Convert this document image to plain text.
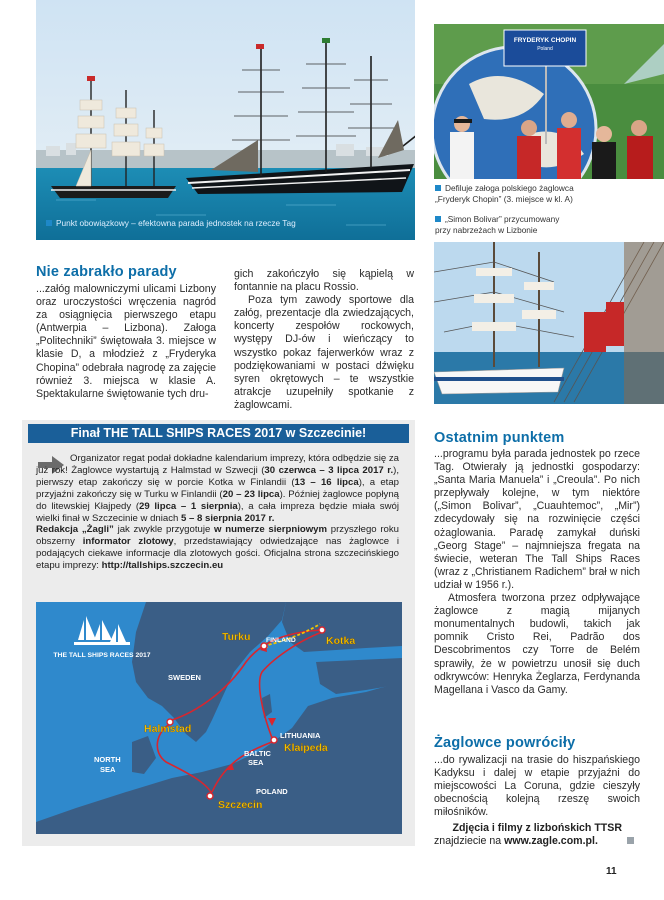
Punkt obowiązkowy – efektowna parada jednostek na rzecze Tag
FRYDERYK CHOPIN
Poland
Defiluje załoga polskiego żaglowca
„Fryderyk Chopin” (3. miejsce w kl. A)
„Simon Bolivar” przycumowany
przy nabrzeżach w Lizbonie
Nie zabrakło parady

...załóg malowniczymi ulicami Lizbony oraz uroczystości wręczenia nagród za osiągnięcia pierwszego etapu (Antwerpia – Lizbona). Załoga „Politechniki” świętowała 3. miejsce w klasie D, a młodzież z „Fryderyka Chopina” odebrała nagrodę za zajęcie również 3. miejsca w klasie A. Spektakularne świętowanie tych dru-

gich zakończyło się kąpielą w fontannie na placu Rossio.

Poza tym zawody sportowe dla załóg, prezentacje dla zwiedzających, koncerty zespołów rockowych, występy DJ-ów i wieńczący to wszystko pokaz fajerwerków wraz z podziękowaniami w postaci dźwięku syren okrętowych – te wszystkie atrakcje uzupełniły spotkanie z żaglowcami.

Finał THE TALL SHIPS RACES 2017 w Szczecinie!

Organizator regat podał dokładne kalendarium imprezy, która odbędzie się za już rok! Żaglowce wystartują z Halmstad w Szwecji (30 czerwca – 3 lipca 2017 r.), pierwszy etap zakończy się w porcie Kotka w Finlandii (13 – 16 lipca), a etap przyjaźni zakończy się w Turku w Finlandii (20 – 23 lipca). Później żaglowce popłyną do litewskiej Kłajpedy (29 lipca – 1 sierpnia), a cała impreza będzie miała swój wielki finał w Szczecinie w dniach 5 – 8 sierpnia 2017 r.

Redakcja „Żagli” jak zwykle przygotuje w numerze sierpniowym przyszłego roku obszerny informator zlotowy, przedstawiający odwiedzające nas żaglowce i podających ciekawe informacje dla zlotowych gości. Oficjalna strona szczecińskiego etapu imprezy: http://tallships.szczecin.eu

THE TALL SHIPS RACES 2017
FINLAND
Turku	Kotka
SWEDEN
Halmstad
BALTIC
SEA
LITHUANIA
Klaipeda
NORTH
SEA
POLAND
Szczecin
Ostatnim punktem

...programu była parada jednostek po rzece Tag. Otwierały ją jednostki gospodarzy: „Santa Maria Manuela” i „Creoula”. Po nich przepływały kolejne, w tym niektóre („Simon Bolivar”, „Cuauhtemoc”, „Mir”) zdecydowały się na rozwinięcie części ożaglowania. Paradę zamykał duński „Georg Stage” – najmniejsza fregata na świecie, weteran The Tall Ships Races (wraz z „Christianem Radichem” brał w nich udział w 1956 r.).

Atmosfera tworzona przez odpływające żaglowce z magią mijanych monumentalnych budowli, takich jak pomnik Cristo Rei, Padrão dos Descobrimentos czy Torre de Belém sprawiły, że w powietrzu unosił się duch odkrywców: Henryka Żeglarza, Ferdynanda Magellana i Vasco da Gamy.

Żaglowce powróciły

...do rywalizacji na trasie do hiszpańskiego Kadyksu i dalej w etapie przyjaźni do miejscowości La Coruna, gdzie cieszyły obecnością kolejną rzeszę swoich miłośników.

Zdjęcia i filmy z lizbońskich TTSR
znajdziecie na www.zagle.com.pl.
11
